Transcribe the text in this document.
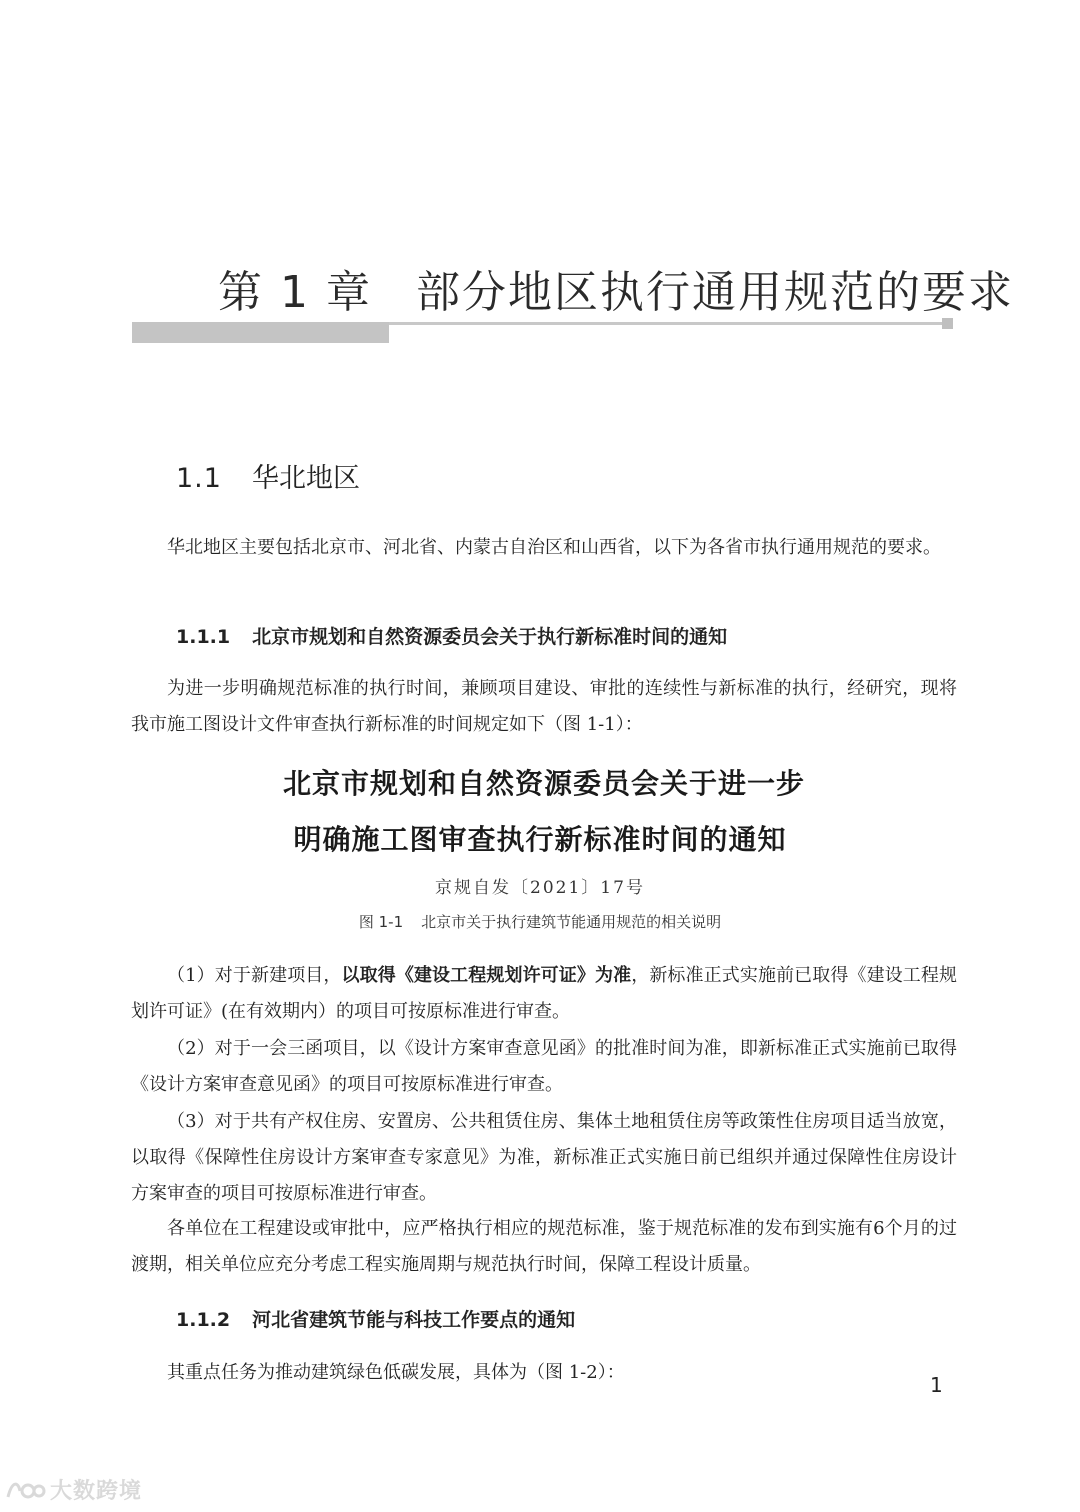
第 1 章 部分地区执行通用规范的要求
1.1 华北地区
华北地区主要包括北京市、河北省、内蒙古自治区和山西省，以下为各省市执行通用规范的要求。
1.1.1 北京市规划和自然资源委员会关于执行新标准时间的通知
为进一步明确规范标准的执行时间，兼顾项目建设、审批的连续性与新标准的执行，经研究，现将我市施工图设计文件审查执行新标准的时间规定如下（图 1-1）：
北京市规划和自然资源委员会关于进一步
明确施工图审查执行新标准时间的通知
京规自发〔2021〕17号
图 1-1 北京市关于执行建筑节能通用规范的相关说明
（1）对于新建项目，以取得《建设工程规划许可证》为准，新标准正式实施前已取得《建设工程规划许可证》(在有效期内）的项目可按原标准进行审查。
（2）对于一会三函项目，以《设计方案审查意见函》的批准时间为准，即新标准正式实施前已取得《设计方案审查意见函》的项目可按原标准进行审查。
（3）对于共有产权住房、安置房、公共租赁住房、集体土地租赁住房等政策性住房项目适当放宽，以取得《保障性住房设计方案审查专家意见》为准，新标准正式实施日前已组织并通过保障性住房设计方案审查的项目可按原标准进行审查。
各单位在工程建设或审批中，应严格执行相应的规范标准，鉴于规范标准的发布到实施有6个月的过渡期，相关单位应充分考虑工程实施周期与规范执行时间，保障工程设计质量。
1.1.2 河北省建筑节能与科技工作要点的通知
其重点任务为推动建筑绿色低碳发展，具体为（图 1-2）：
1
大数跨境
